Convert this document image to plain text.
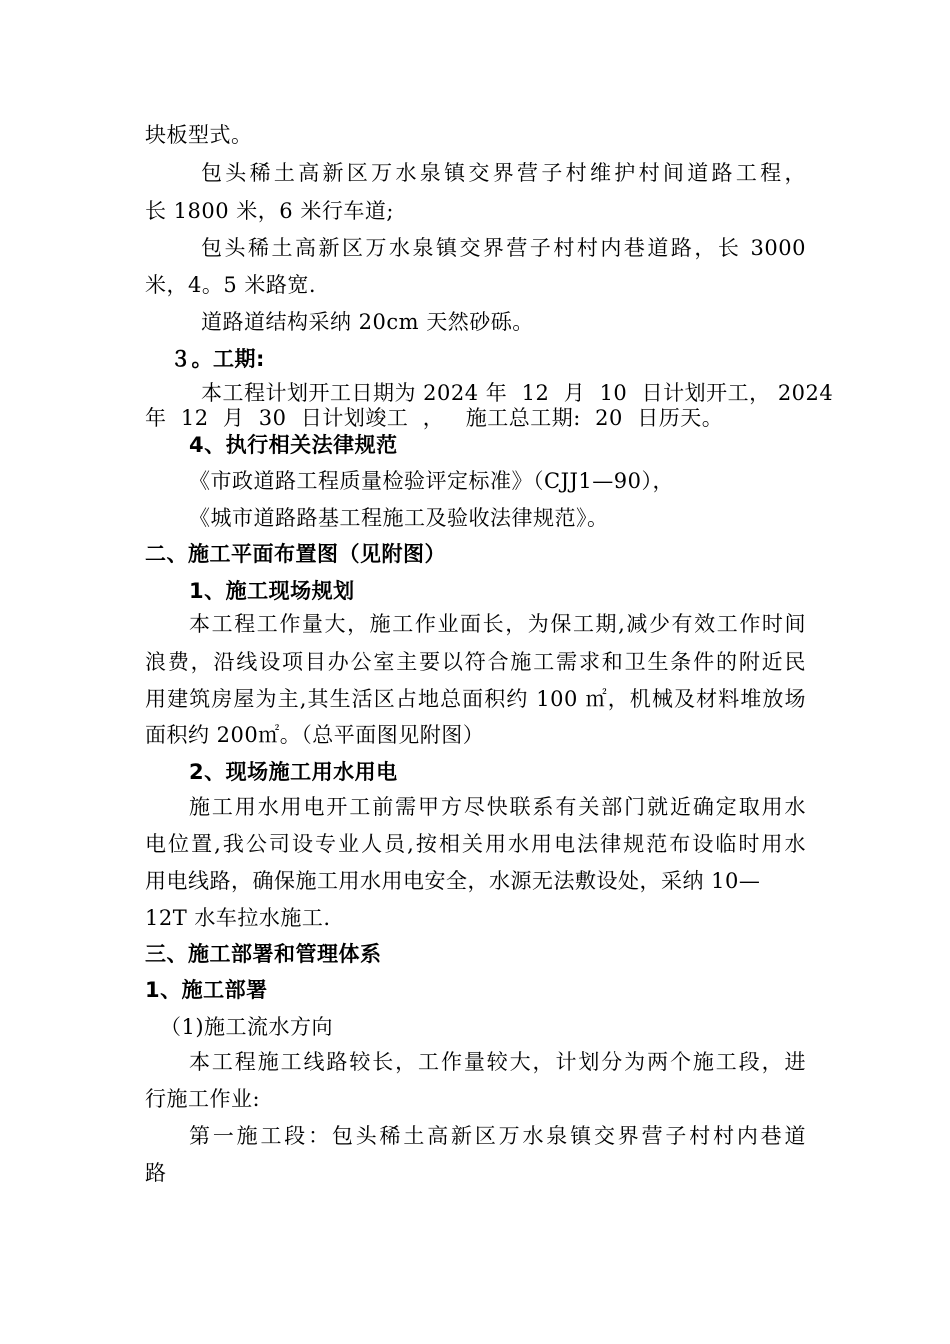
块板型式。
包头稀土高新区万水泉镇交界营子村维护村间道路工程，
长 1800 米，6 米行车道;
包头稀土高新区万水泉镇交界营子村村内巷道路，长 3000
米，4。5 米路宽.
道路道结构采纳 20cm 天然砂砾。
３。工期:
本工程计划开工日期为 2024 年  12  月  10  日计划开工， 2024
年  12  月  30  日计划竣工  ，   施工总工期:  20  日历天。
4、执行相关法律规范
《市政道路工程质量检验评定标准》（CJJ1—90），
《城市道路路基工程施工及验收法律规范》。
二、施工平面布置图（见附图）
1、施工现场规划
本工程工作量大，施工作业面长，为保工期,减少有效工作时间
浪费，沿线设项目办公室主要以符合施工需求和卫生条件的附近民
用建筑房屋为主,其生活区占地总面积约 100 ㎡，机械及材料堆放场
面积约 200㎡。（总平面图见附图）
2、现场施工用水用电
施工用水用电开工前需甲方尽快联系有关部门就近确定取用水
电位置,我公司设专业人员,按相关用水用电法律规范布设临时用水
用电线路，确保施工用水用电安全，水源无法敷设处，采纳 10—
12T 水车拉水施工.
三、施工部署和管理体系
1、施工部署
（1)施工流水方向
本工程施工线路较长，工作量较大，计划分为两个施工段，进
行施工作业:
第一施工段：包头稀土高新区万水泉镇交界营子村村内巷道
路
